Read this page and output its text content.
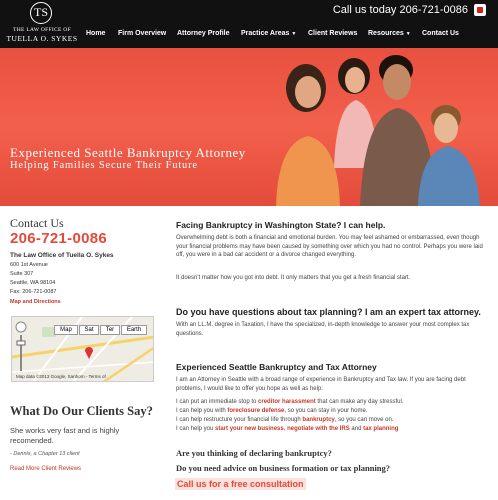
TS
THE LAW OFFICE OF
TUELLA O. SYKES
Call us today 206-721-0086
Home Firm Overview Attorney Profile Practice Areas ▼ Client Reviews Resources ▼ Contact Us
Experienced Seattle Bankruptcy Attorney
Helping Families Secure Their Future
Contact Us
206-721-0086
The Law Office of Tuella O. Sykes
600 1st Avenue
Suite 307
Seattle, WA 98104
Fax: 206-721-0087
Map and Directions
Map	Sat	Ter	Earth
Map data ©2013 Google, Sanborn - Terms of
What Do Our Clients Say?
She works very fast and is highly recomended.
- Dennis, a Chapter 13 client
Read More Client Reviews
Facing Bankruptcy in Washington State? I can help.
Overwhelming debt is both a financial and emotional burden. You may feel ashamed or embarrassed, even though your financial problems may have been caused by something over which you had no control. Perhaps you were laid off, you were in a bad car accident or a divorce changed everything.
It doesn't matter how you got into debt. It only matters that you get a fresh financial start.
Do you have questions about tax planning? I am an expert tax attorney.
With an LL.M. degree in Taxation, I have the specialized, in-depth knowledge to answer your most complex tax questions.
Experienced Seattle Bankruptcy and Tax Attorney
I am an Attorney in Seattle with a broad range of experience in Bankruptcy and Tax law. If you are facing debt problems, I would like to offer you hope as well as help:
I can put an immediate stop to creditor harassment that can make any day stressful.
I can help you with foreclosure defense, so you can stay in your home.
I can help restructure your financial life through bankruptcy, so you can move on.
I can help you start your new business, negotiate with the IRS and tax planning
Are you thinking of declaring bankruptcy?
Do you need advice on business formation or tax planning?
Call us for a free consultation
